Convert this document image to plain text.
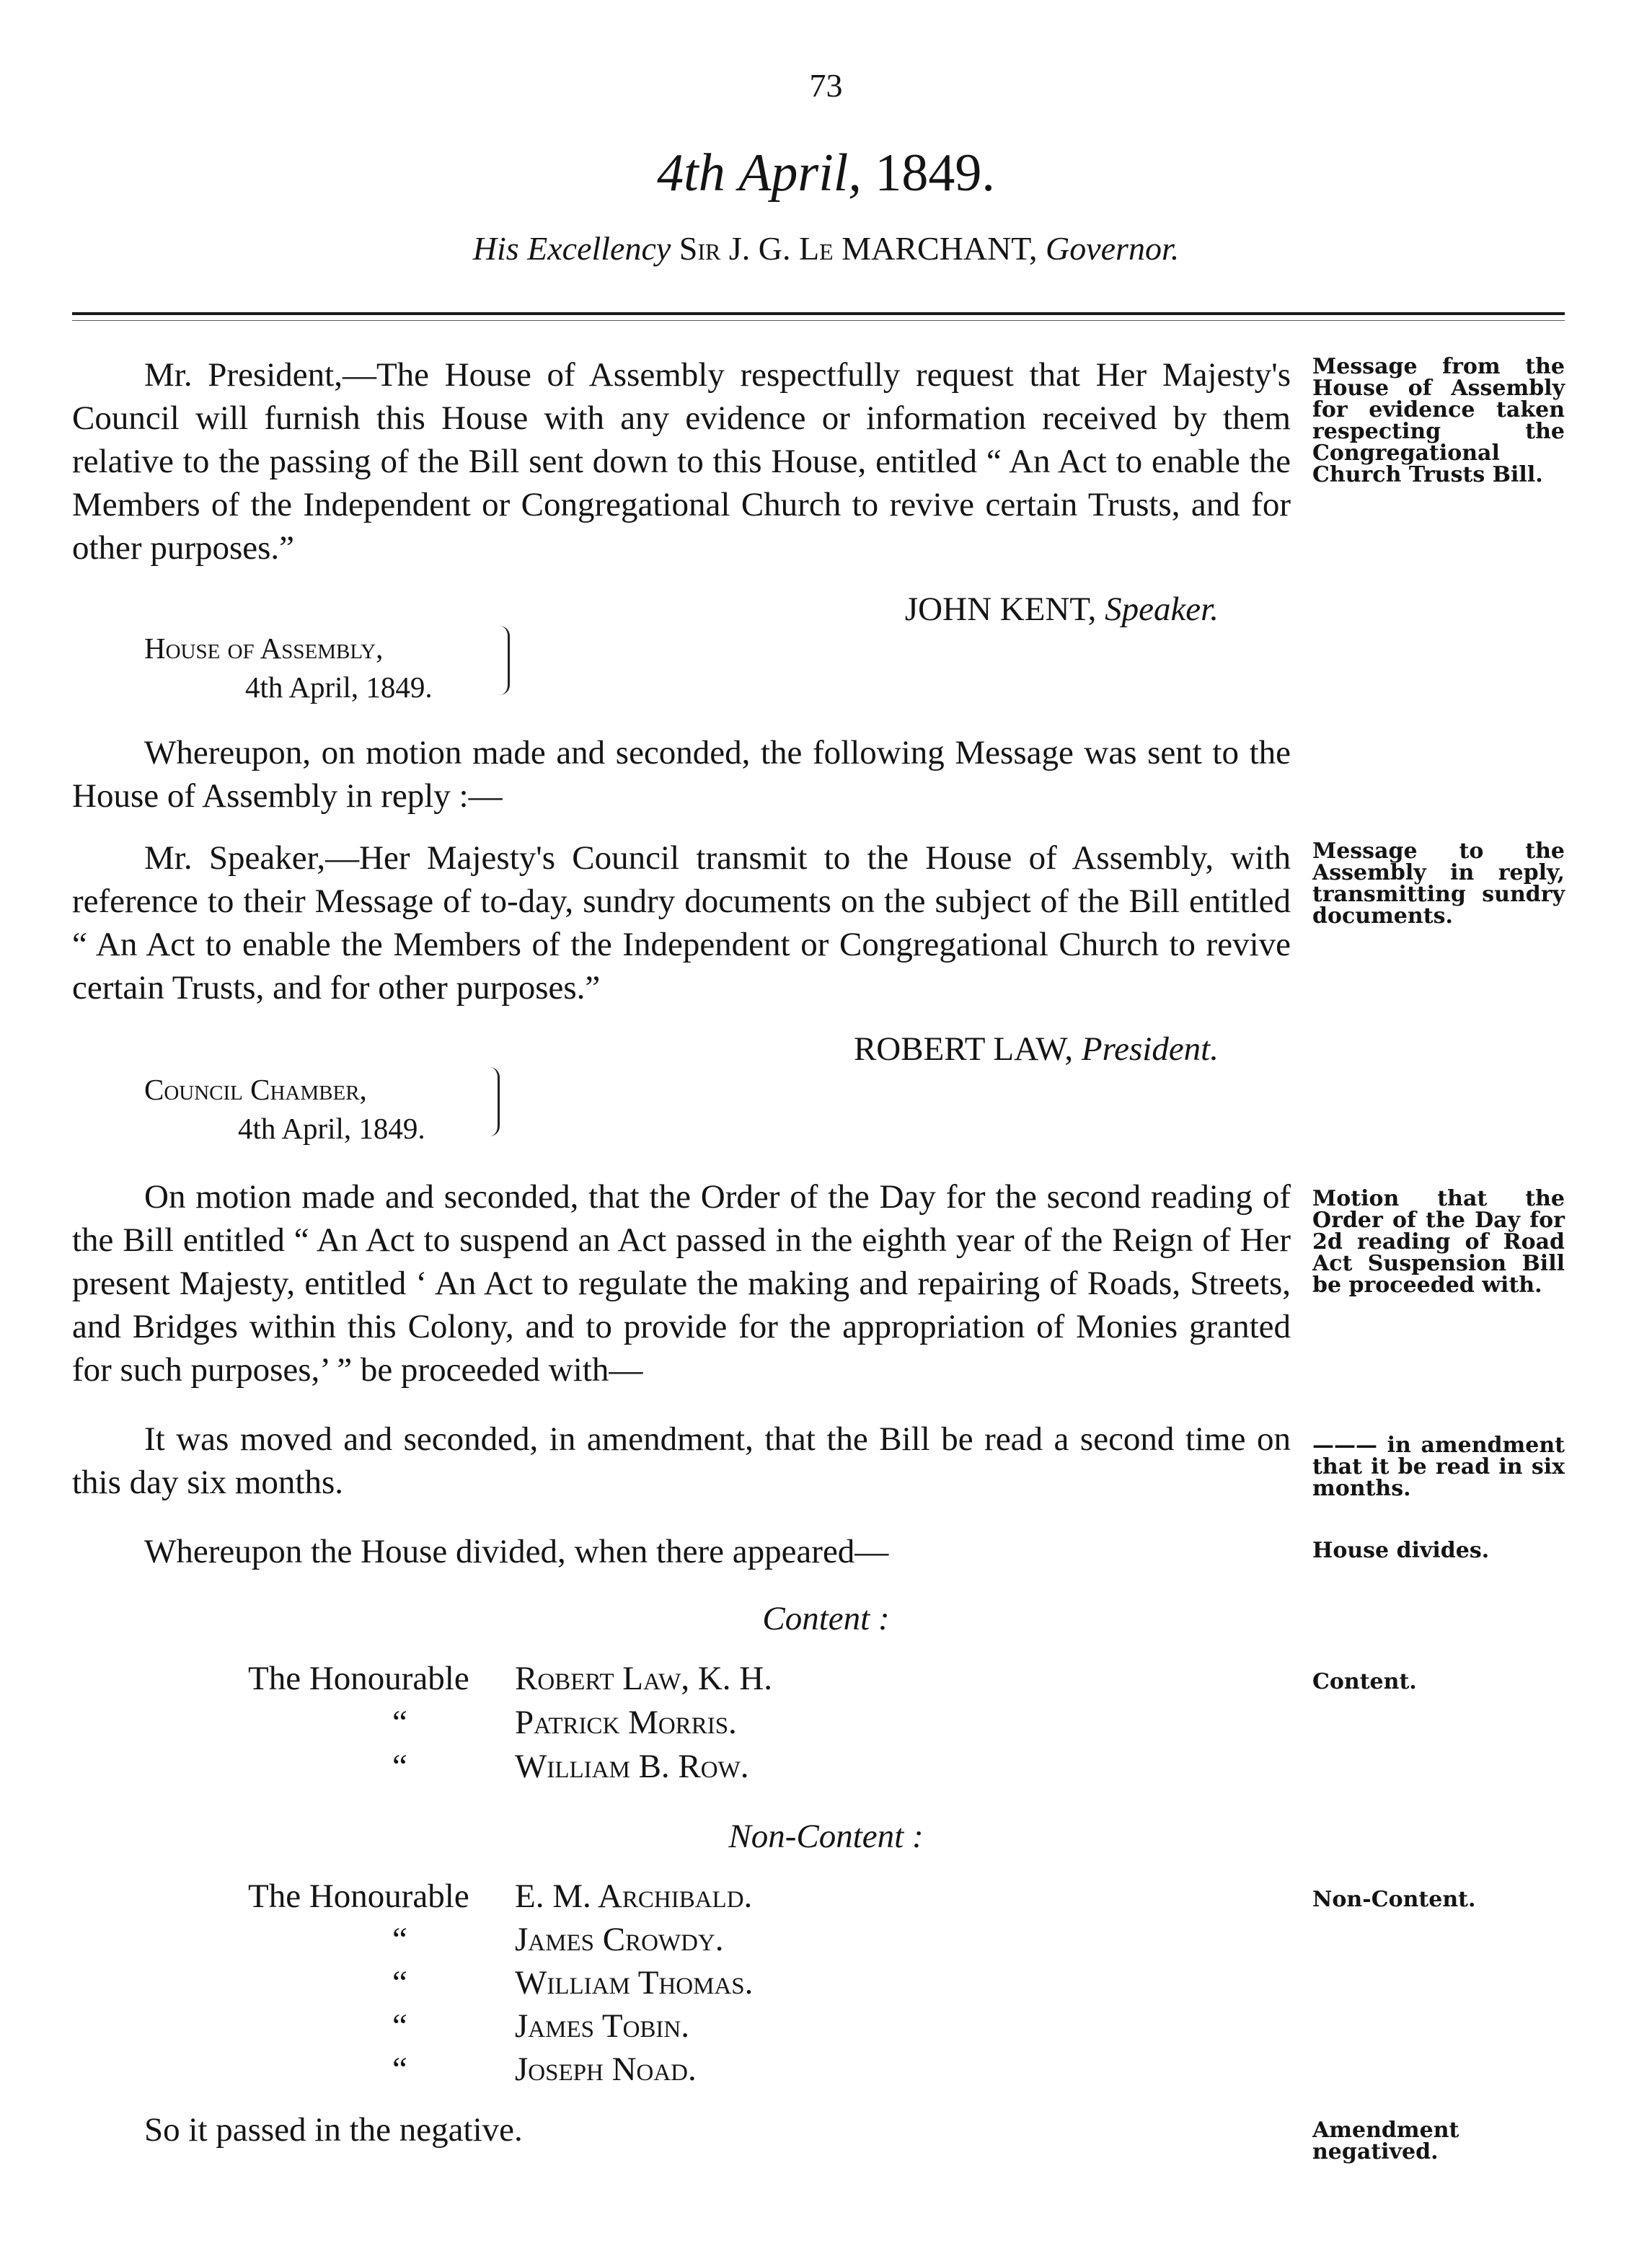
73
4th April, 1849.
His Excellency Sir J. G. Le MARCHANT, Governor.

Mr. President,—The House of Assembly respectfully request that Her Majesty's Council will furnish this House with any evidence or information received by them relative to the passing of the Bill sent down to this House, entitled “ An Act to enable the Members of the Independent or Congregational Church to revive certain Trusts, and for other purposes.”

JOHN KENT, Speaker.
House of Assembly,
4th April, 1849.

Whereupon, on motion made and seconded, the following Message was sent to the House of Assembly in reply :—

Mr. Speaker,—Her Majesty's Council transmit to the House of Assembly, with reference to their Message of to-day, sundry documents on the subject of the Bill entitled “ An Act to enable the Members of the Independent or Congregational Church to revive certain Trusts, and for other purposes.”

ROBERT LAW, President.
Council Chamber,
4th April, 1849.

On motion made and seconded, that the Order of the Day for the second reading of the Bill entitled “ An Act to suspend an Act passed in the eighth year of the Reign of Her present Majesty, entitled ‘ An Act to regulate the making and repairing of Roads, Streets, and Bridges within this Colony, and to provide for the appropriation of Monies granted for such purposes,’ ” be proceeded with—

It was moved and seconded, in amendment, that the Bill be read a second time on this day six months.

Whereupon the House divided, when there appeared—

Content :
The Honourable Robert Law, K. H.
“	Patrick Morris.
“	William B. Row.
Non-Content :
The Honourable E. M. Archibald.
“	James Crowdy.
“	William Thomas.
“	James Tobin.
“	Joseph Noad.

So it passed in the negative.

Message from the House of Assembly for evidence taken respecting the Congregational Church Trusts Bill.
Message to the Assembly in reply, transmitting sundry documents.
Motion that the Order of the Day for 2d reading of Road Act Suspension Bill be proceeded with.
——— in amendment that it be read in six months.
House divides.
Content.
Non-Content.
Amendment negatived.
